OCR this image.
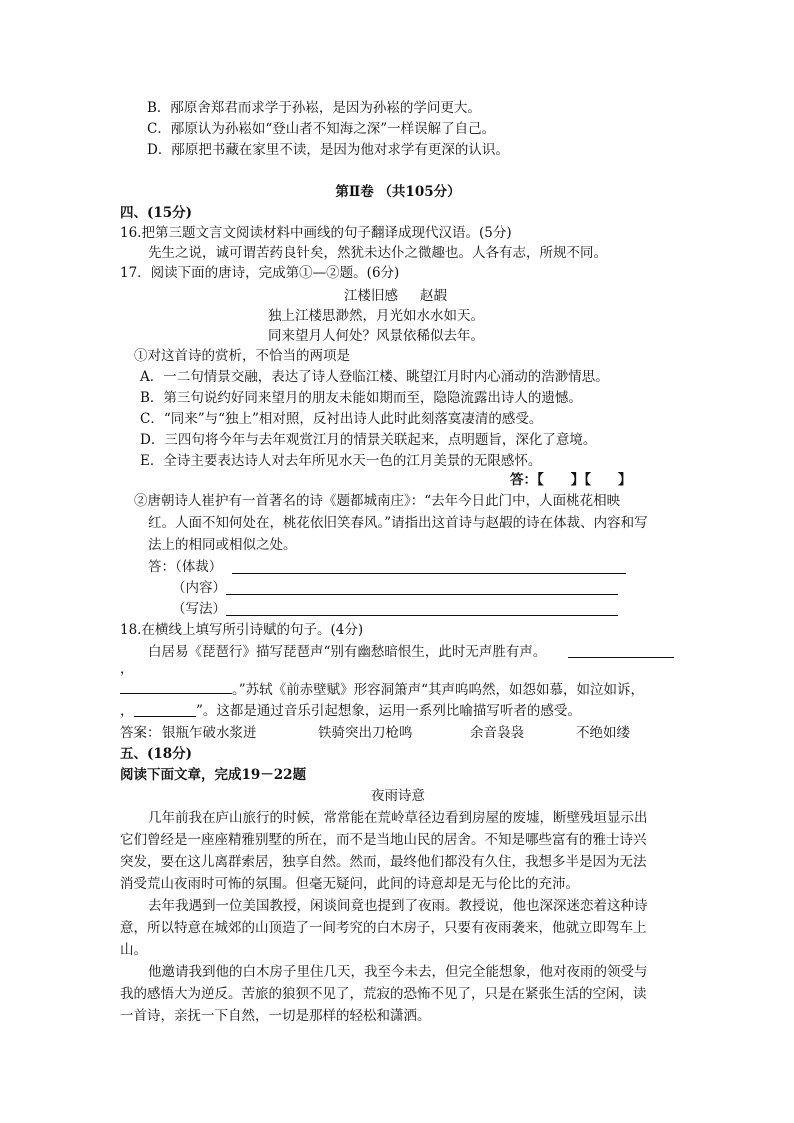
B．邴原舍郑君而求学于孙崧，是因为孙崧的学问更大。
C．邴原认为孙崧如“登山者不知海之深”一样误解了自己。
D．邴原把书藏在家里不读，是因为他对求学有更深的认识。
第Ⅱ卷 （共105分）
四、(15分)
16.把第三题文言文阅读材料中画线的句子翻译成现代汉语。(5分)
先生之说，诚可谓苦药良针矣，然犹未达仆之微趣也。人各有志，所规不同。
17．阅读下面的唐诗，完成第①—②题。(6分)
江楼旧感 赵嘏
独上江楼思渺然，月光如水水如天。
同来望月人何处？风景依稀似去年。
①对这首诗的赏析，不恰当的两项是
A．一二句情景交融，表达了诗人登临江楼、眺望江月时内心涌动的浩渺情思。
B．第三句说约好同来望月的朋友未能如期而至，隐隐流露出诗人的遗憾。
C．“同来”与“独上”相对照，反衬出诗人此时此刻落寞凄清的感受。
D．三四句将今年与去年观赏江月的情景关联起来，点明题旨，深化了意境。
E．全诗主要表达诗人对去年所见水天一色的江月美景的无限感怀。
答：【　　】【　　】
②唐朝诗人崔护有一首著名的诗《题都城南庄》：“去年今日此门中，人面桃花相映
红。人面不知何处在，桃花依旧笑春风。”请指出这首诗与赵嘏的诗在体裁、内容和写
法上的相同或相似之处。
答：（体裁）
（内容）
（写法）
18.在横线上填写所引诗赋的句子。(4分)
白居易《琵琶行》描写琵琶声“别有幽愁暗恨生，此时无声胜有声。
，
。”苏轼《前赤壁赋》形容洞箫声“其声呜呜然，如怨如慕，如泣如诉，
，	”。这都是通过音乐引起想象，运用一系列比喻描写听者的感受。
答案： 银瓶乍破水浆迸	铁骑突出刀枪鸣	余音袅袅	不绝如缕
五、(18分)
阅读下面文章，完成19－22题
夜雨诗意
几年前我在庐山旅行的时候，常常能在荒岭草径边看到房屋的废墟，断壁残垣显示出
它们曾经是一座座精雅别墅的所在，而不是当地山民的居舍。不知是哪些富有的雅士诗兴
突发，要在这儿离群索居，独享自然。然而，最终他们都没有久住，我想多半是因为无法
消受荒山夜雨时可怖的氛围。但毫无疑问，此间的诗意却是无与伦比的充沛。
去年我遇到一位美国教授，闲谈间竟也提到了夜雨。教授说，他也深深迷恋着这种诗
意，所以特意在城郊的山顶造了一间考究的白木房子，只要有夜雨袭来，他就立即驾车上
山。
他邀请我到他的白木房子里住几天，我至今未去，但完全能想象，他对夜雨的领受与
我的感悟大为逆反。苦旅的狼狈不见了，荒寂的恐怖不见了，只是在紧张生活的空闲，读
一首诗，亲抚一下自然，一切是那样的轻松和潇洒。
